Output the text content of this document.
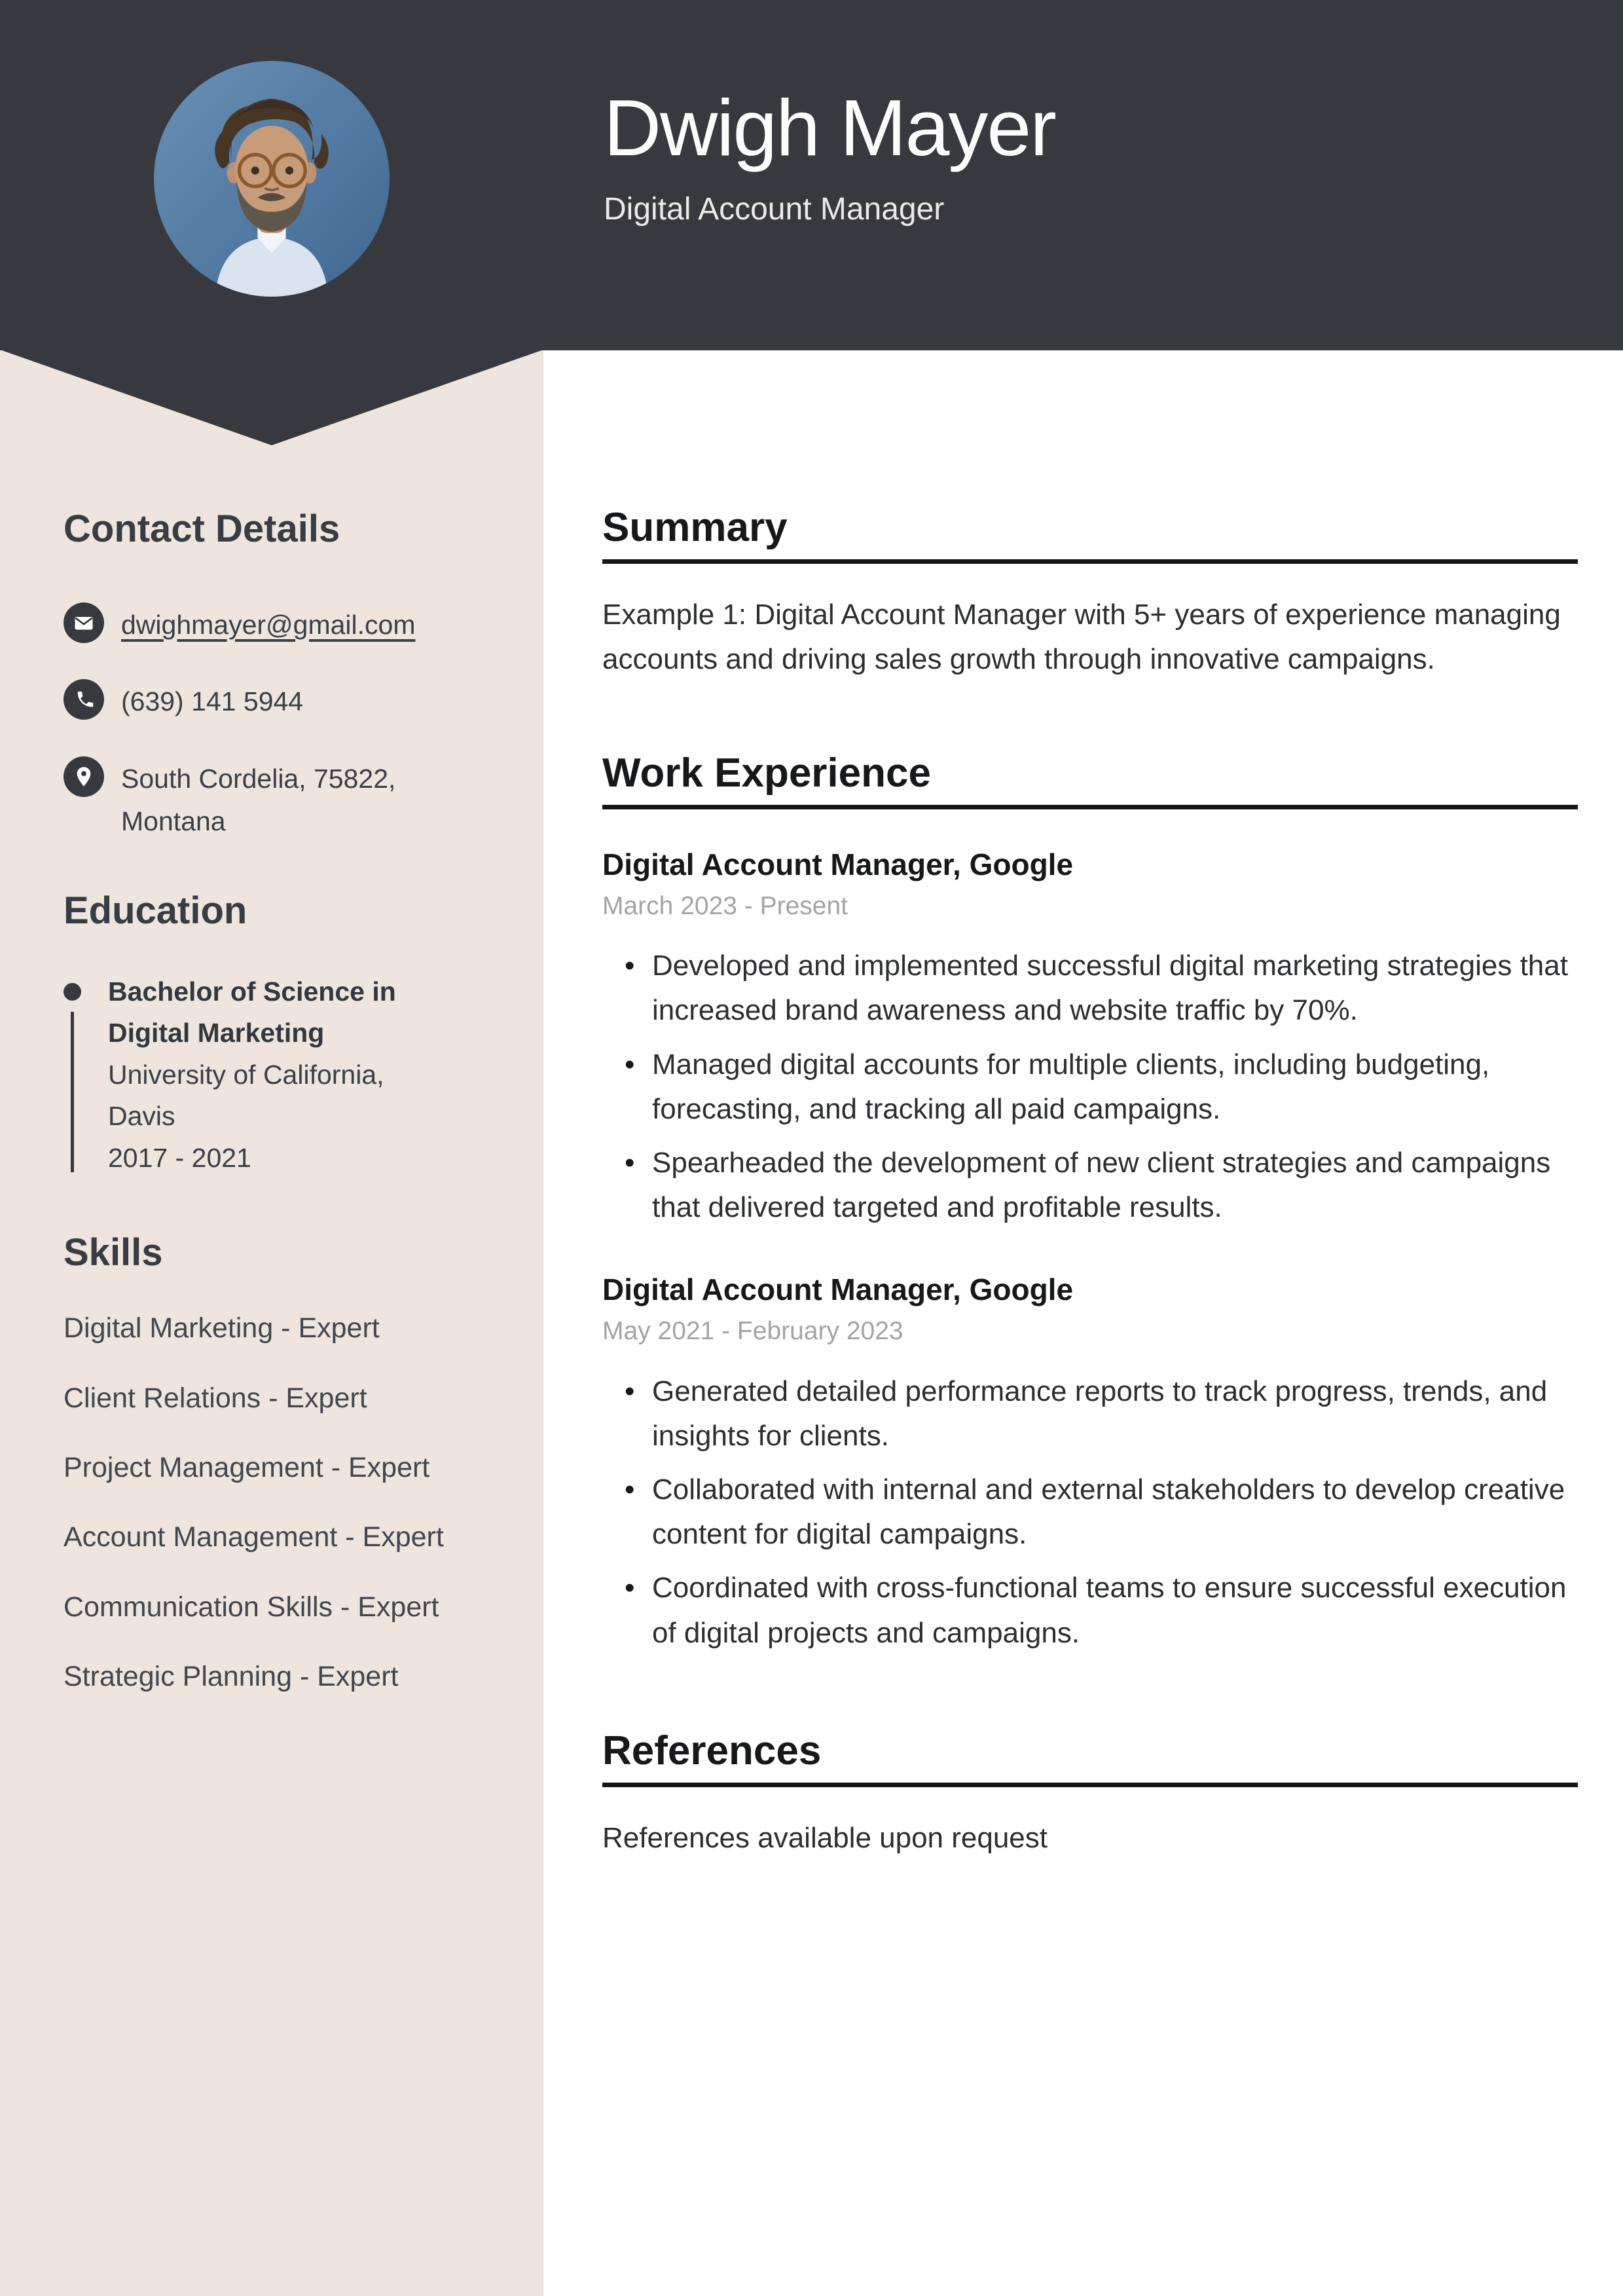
Dwigh Mayer
Digital Account Manager
Contact Details
dwighmayer@gmail.com
(639) 141 5944
South Cordelia, 75822,
Montana
Education
Bachelor of Science in
Digital Marketing
University of California,
Davis
2017 - 2021
Skills
Digital Marketing - Expert
Client Relations - Expert
Project Management - Expert
Account Management - Expert
Communication Skills - Expert
Strategic Planning - Expert
Summary

Example 1: Digital Account Manager with 5+ years of experience managing accounts and driving sales growth through innovative campaigns.

Work Experience
Digital Account Manager, Google
March 2023 - Present
• Developed and implemented successful digital marketing strategies that increased brand awareness and website traffic by 70%.
• Managed digital accounts for multiple clients, including budgeting, forecasting, and tracking all paid campaigns.
• Spearheaded the development of new client strategies and campaigns that delivered targeted and profitable results.
Digital Account Manager, Google
May 2021 - February 2023
• Generated detailed performance reports to track progress, trends, and insights for clients.
• Collaborated with internal and external stakeholders to develop creative content for digital campaigns.
• Coordinated with cross-functional teams to ensure successful execution of digital projects and campaigns.
References

References available upon request
